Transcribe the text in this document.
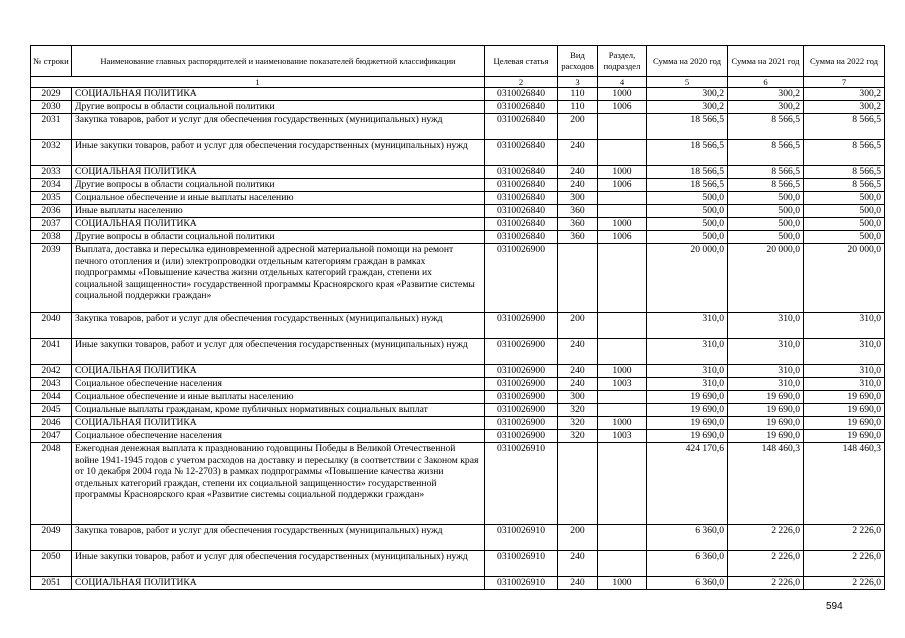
№ строки	Наименование главных распорядителей и наименование показателей бюджетной классификации	Целевая статья	Вид расходов	Раздел, подраздел	Сумма на 2020 год	Сумма на 2021 год	Сумма на 2022 год
1		2	3	4	5	6	7
2029	СОЦИАЛЬНАЯ ПОЛИТИКА	0310026840	110	1000	300,2	300,2	300,2
2030	Другие вопросы в области социальной политики	0310026840	110	1006	300,2	300,2	300,2
2031	Закупка товаров, работ и услуг для обеспечения государственных (муниципальных) нужд	0310026840	200		18 566,5	8 566,5	8 566,5
2032	Иные закупки товаров, работ и услуг для обеспечения государственных (муниципальных) нужд	0310026840	240		18 566,5	8 566,5	8 566,5
2033	СОЦИАЛЬНАЯ ПОЛИТИКА	0310026840	240	1000	18 566,5	8 566,5	8 566,5
2034	Другие вопросы в области социальной политики	0310026840	240	1006	18 566,5	8 566,5	8 566,5
2035	Социальное обеспечение и иные выплаты населению	0310026840	300		500,0	500,0	500,0
2036	Иные выплаты населению	0310026840	360		500,0	500,0	500,0
2037	СОЦИАЛЬНАЯ ПОЛИТИКА	0310026840	360	1000	500,0	500,0	500,0
2038	Другие вопросы в области социальной политики	0310026840	360	1006	500,0	500,0	500,0
2039	Выплата, доставка и пересылка единовременной адресной материальной помощи на ремонт печного отопления и (или) электропроводки отдельным категориям граждан в рамках подпрограммы «Повышение качества жизни отдельных категорий граждан, степени их социальной защищенности» государственной программы Красноярского края «Развитие системы социальной поддержки граждан»	0310026900			20 000,0	20 000,0	20 000,0
2040	Закупка товаров, работ и услуг для обеспечения государственных (муниципальных) нужд	0310026900	200		310,0	310,0	310,0
2041	Иные закупки товаров, работ и услуг для обеспечения государственных (муниципальных) нужд	0310026900	240		310,0	310,0	310,0
2042	СОЦИАЛЬНАЯ ПОЛИТИКА	0310026900	240	1000	310,0	310,0	310,0
2043	Социальное обеспечение населения	0310026900	240	1003	310,0	310,0	310,0
2044	Социальное обеспечение и иные выплаты населению	0310026900	300		19 690,0	19 690,0	19 690,0
2045	Социальные выплаты гражданам, кроме публичных нормативных социальных выплат	0310026900	320		19 690,0	19 690,0	19 690,0
2046	СОЦИАЛЬНАЯ ПОЛИТИКА	0310026900	320	1000	19 690,0	19 690,0	19 690,0
2047	Социальное обеспечение населения	0310026900	320	1003	19 690,0	19 690,0	19 690,0
2048	Ежегодная денежная выплата к празднованию годовщины Победы в Великой Отечественной войне 1941-1945 годов с учетом расходов на доставку и пересылку (в соответствии с Законом края от 10 декабря 2004 года № 12-2703) в рамках подпрограммы «Повышение качества жизни отдельных категорий граждан, степени их социальной защищенности» государственной программы Красноярского края «Развитие системы социальной поддержки граждан»	0310026910			424 170,6	148 460,3	148 460,3
2049	Закупка товаров, работ и услуг для обеспечения государственных (муниципальных) нужд	0310026910	200		6 360,0	2 226,0	2 226,0
2050	Иные закупки товаров, работ и услуг для обеспечения государственных (муниципальных) нужд	0310026910	240		6 360,0	2 226,0	2 226,0
2051	СОЦИАЛЬНАЯ ПОЛИТИКА	0310026910	240	1000	6 360,0	2 226,0	2 226,0
594
